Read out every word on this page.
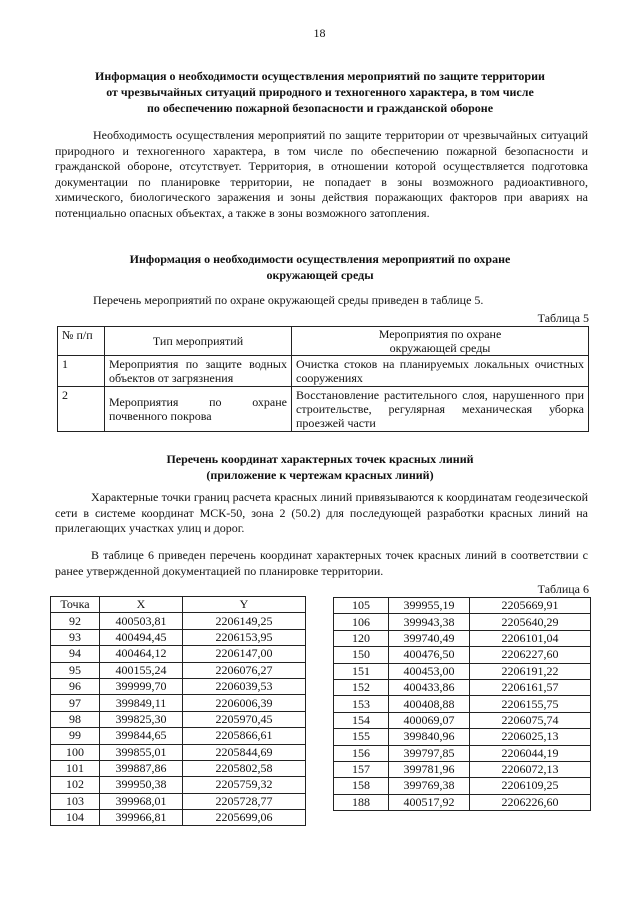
18
Информация о необходимости осуществления мероприятий по защите территории
от чрезвычайных ситуаций природного и техногенного характера, в том числе
по обеспечению пожарной безопасности и гражданской обороне

Необходимость осуществления мероприятий по защите территории от чрезвычайных ситуаций природного и техногенного характера, в том числе по обеспечению пожарной безопасности и гражданской обороне, отсутствует. Территория, в отношении которой осуществляется подготовка документации по планировке территории, не попадает в зоны возможного радиоактивного, химического, биологического заражения и зоны действия поражающих факторов при авариях на потенциально опасных объектах, а также в зоны возможного затопления.

Информация о необходимости осуществления мероприятий по охране
окружающей среды

Перечень мероприятий по охране окружающей среды приведен в таблице 5.

Таблица 5
№ п/п	Тип мероприятий	Мероприятия по охране окружающей среды
1	Мероприятия по защите водных объектов от загрязнения	Очистка стоков на планируемых локальных очистных сооружениях
2	Мероприятия по охране почвенного покрова	Восстановление растительного слоя, нарушенного при строительстве, регулярная механическая уборка проезжей части
Перечень координат характерных точек красных линий
(приложение к чертежам красных линий)

Характерные точки границ расчета красных линий привязываются к координатам геодезической сети в системе координат МСК-50, зона 2 (50.2) для последующей разработки красных линий на прилегающих участках улиц и дорог.

В таблице 6 приведен перечень координат характерных точек красных линий в соответствии с ранее утвержденной документацией по планировке территории.

Таблица 6
Точка	X	Y
92	400503,81	2206149,25
93	400494,45	2206153,95
94	400464,12	2206147,00
95	400155,24	2206076,27
96	399999,70	2206039,53
97	399849,11	2206006,39
98	399825,30	2205970,45
99	399844,65	2205866,61
100	399855,01	2205844,69
101	399887,86	2205802,58
102	399950,38	2205759,32
103	399968,01	2205728,77
104	399966,81	2205699,06
105	399955,19	2205669,91
106	399943,38	2205640,29
120	399740,49	2206101,04
150	400476,50	2206227,60
151	400453,00	2206191,22
152	400433,86	2206161,57
153	400408,88	2206155,75
154	400069,07	2206075,74
155	399840,96	2206025,13
156	399797,85	2206044,19
157	399781,96	2206072,13
158	399769,38	2206109,25
188	400517,92	2206226,60
